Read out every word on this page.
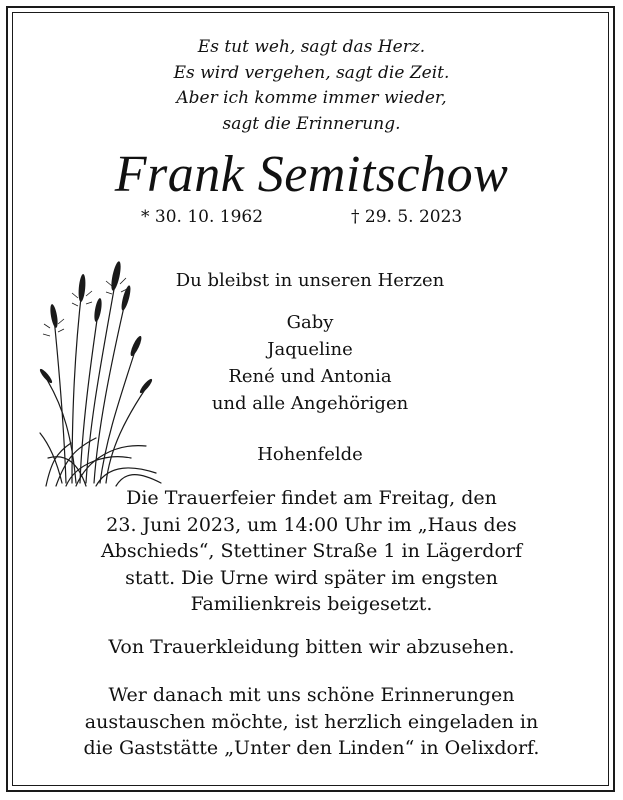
Es tut weh, sagt das Herz.
Es wird vergehen, sagt die Zeit.
Aber ich komme immer wieder,
sagt die Erinnerung.
Frank Semitschow
* 30. 10. 1962	† 29. 5. 2023
Du bleibst in unseren Herzen
Gaby
Jaqueline
René und Antonia
und alle Angehörigen
Hohenfelde
Die Trauerfeier findet am Freitag, den
23. Juni 2023, um 14:00 Uhr im „Haus des
Abschieds“, Stettiner Straße 1 in Lägerdorf
statt. Die Urne wird später im engsten
Familienkreis beigesetzt.
Von Trauerkleidung bitten wir abzusehen.
Wer danach mit uns schöne Erinnerungen
austauschen möchte, ist herzlich eingeladen in
die Gaststätte „Unter den Linden“ in Oelixdorf.
